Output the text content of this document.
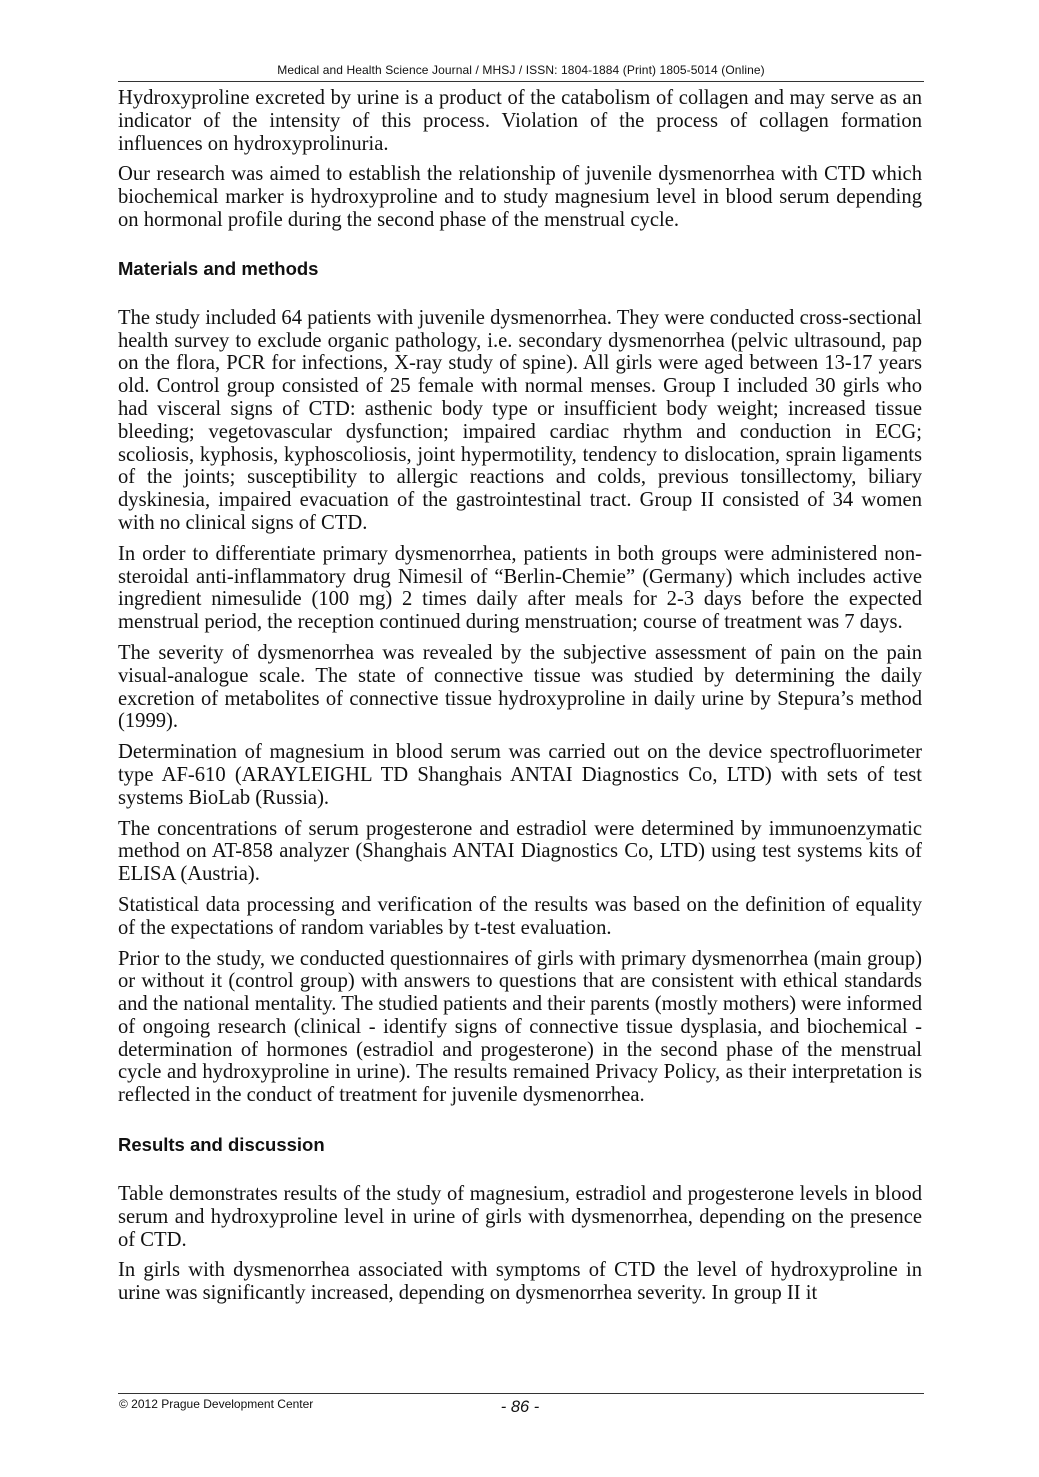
Medical and Health Science Journal / MHSJ / ISSN: 1804-1884 (Print) 1805-5014 (Online)

Hydroxyproline excreted by urine is a product of the catabolism of collagen and may serve as an indicator of the intensity of this process. Violation of the process of collagen formation influences on hydroxyprolinuria.

Our research was aimed to establish the relationship of juvenile dysmenorrhea with CTD which biochemical marker is hydroxyproline and to study magnesium level in blood serum depending on hormonal profile during the second phase of the menstrual cycle.

Materials and methods

The study included 64 patients with juvenile dysmenorrhea. They were conducted cross-sectional health survey to exclude organic pathology, i.e. secondary dysmenorrhea (pelvic ultrasound, pap on the flora, PCR for infections, X-ray study of spine). All girls were aged between 13-17 years old. Control group consisted of 25 female with normal menses. Group I included 30 girls who had visceral signs of CTD: asthenic body type or insufficient body weight; increased tissue bleeding; vegetovascular dysfunction; impaired cardiac rhythm and conduction in ECG; scoliosis, kyphosis, kyphoscoliosis, joint hypermotility, tendency to dislocation, sprain ligaments of the joints; susceptibility to allergic reactions and colds, previous tonsillectomy, biliary dyskinesia, impaired evacuation of the gastrointestinal tract. Group II consisted of 34 women with no clinical signs of CTD.

In order to differentiate primary dysmenorrhea, patients in both groups were administered non-steroidal anti-inflammatory drug Nimesil of “Berlin-Chemie” (Germany) which includes active ingredient nimesulide (100 mg) 2 times daily after meals for 2-3 days before the expected menstrual period, the reception continued during menstruation; course of treatment was 7 days.

The severity of dysmenorrhea was revealed by the subjective assessment of pain on the pain visual-analogue scale. The state of connective tissue was studied by determining the daily excretion of metabolites of connective tissue hydroxyproline in daily urine by Stepura’s method (1999).

Determination of magnesium in blood serum was carried out on the device spectrofluorimeter type AF-610 (ARAYLEIGHL TD Shanghais ANTAI Diagnostics Co, LTD) with sets of test systems BioLab (Russia).

The concentrations of serum progesterone and estradiol were determined by immunoenzymatic method on AT-858 analyzer (Shanghais ANTAI Diagnostics Co, LTD) using test systems kits of ELISA (Austria).

Statistical data processing and verification of the results was based on the definition of equality of the expectations of random variables by t-test evaluation.

Prior to the study, we conducted questionnaires of girls with primary dysmenorrhea (main group) or without it (control group) with answers to questions that are consistent with ethical standards and the national mentality. The studied patients and their parents (mostly mothers) were informed of ongoing research (clinical - identify signs of connective tissue dysplasia, and biochemical - determination of hormones (estradiol and progesterone) in the second phase of the menstrual cycle and hydroxyproline in urine). The results remained Privacy Policy, as their interpretation is reflected in the conduct of treatment for juvenile dysmenorrhea.

Results and discussion

Table demonstrates results of the study of magnesium, estradiol and progesterone levels in blood serum and hydroxyproline level in urine of girls with dysmenorrhea, depending on the presence of CTD.

In girls with dysmenorrhea associated with symptoms of CTD the level of hydroxyproline in urine was significantly increased, depending on dysmenorrhea severity. In group II it

© 2012 Prague Development Center	- 86 -
